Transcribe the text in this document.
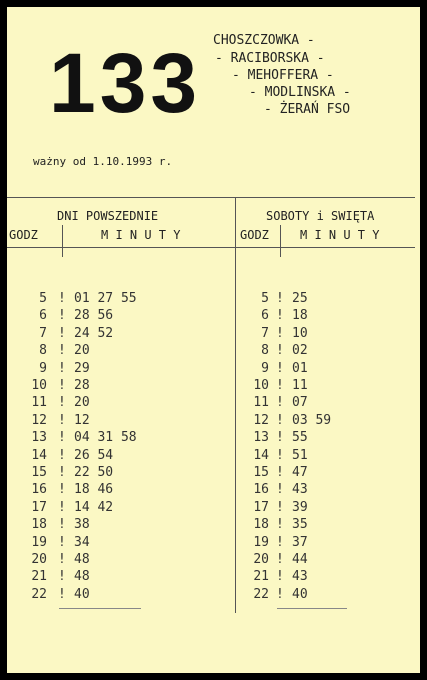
133 CHOSZCZOWKA -
- RACIBORSKA -
- MEHOFFERA -
- MODLINSKA -
- ŻERAŃ FSO
ważny od 1.10.1993 r.
DNI POWSZEDNIE
GODZ	M I N U T Y
SOBOTY i SWIĘTA
GODZ	M I N U T Y
5 ! 01 27 55
6 ! 28 56
7 ! 24 52
8 ! 20
9 ! 29
10 ! 28
11 ! 20
12 ! 12
13 ! 04 31 58
14 ! 26 54
15 ! 22 50
16 ! 18 46
17 ! 14 42
18 ! 38
19 ! 34
20 ! 48
21 ! 48
22 ! 40
5 ! 25
6 ! 18
7 ! 10
8 ! 02
9 ! 01
10 ! 11
11 ! 07
12 ! 03 59
13 ! 55
14 ! 51
15 ! 47
16 ! 43
17 ! 39
18 ! 35
19 ! 37
20 ! 44
21 ! 43
22 ! 40
